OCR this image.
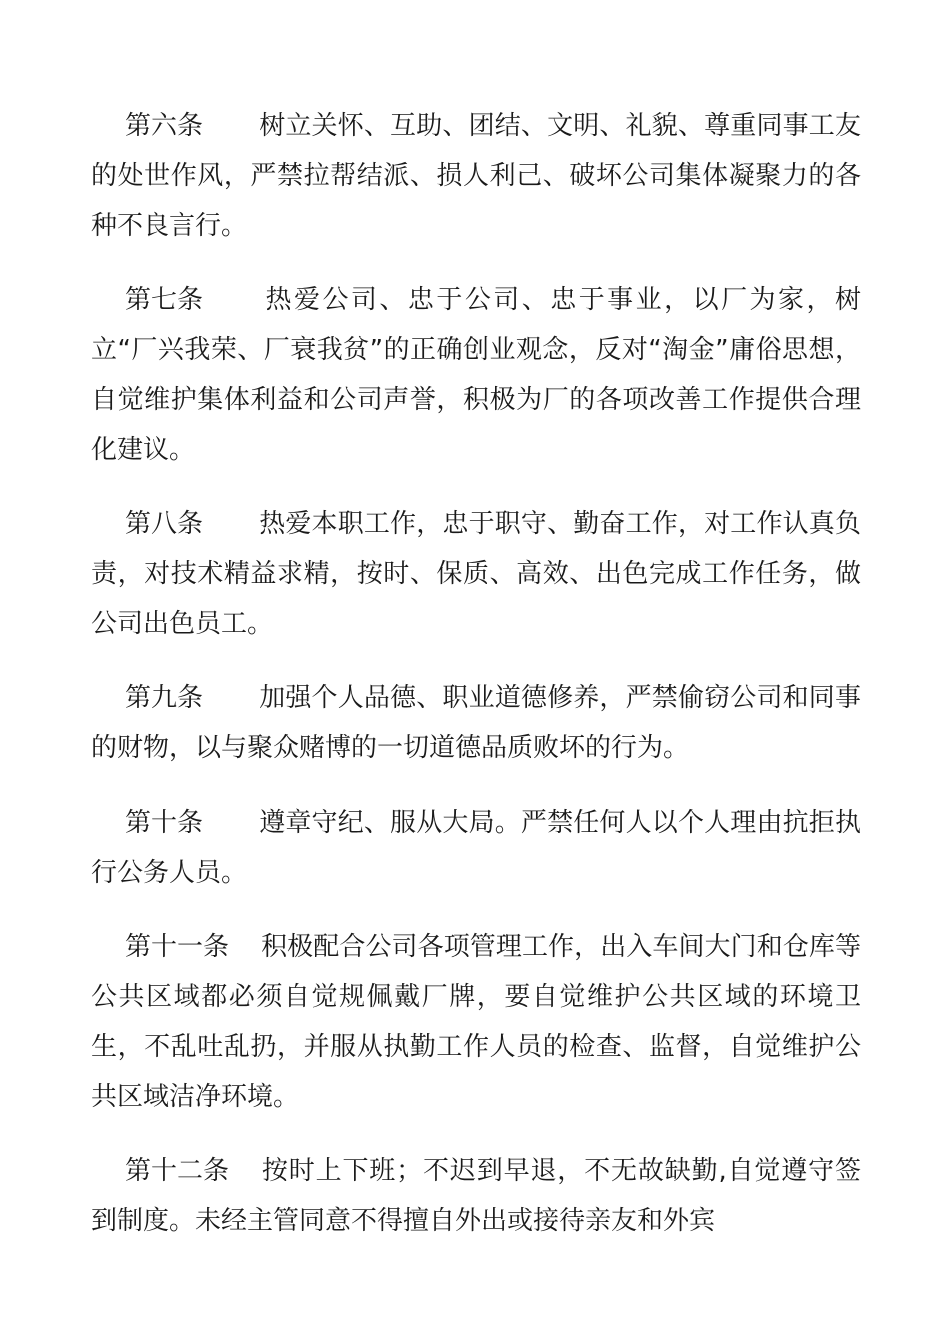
第六条 树立关怀、互助、团结、文明、礼貌、尊重同事工友的处世作风，严禁拉帮结派、损人利己、破坏公司集体凝聚力的各种不良言行。

第七条 热爱公司、忠于公司、忠于事业，以厂为家，树立“厂兴我荣、厂衰我贫”的正确创业观念，反对“淘金”庸俗思想，自觉维护集体利益和公司声誉，积极为厂的各项改善工作提供合理化建议。

第八条 热爱本职工作，忠于职守、勤奋工作，对工作认真负责，对技术精益求精，按时、保质、高效、出色完成工作任务，做公司出色员工。

第九条 加强个人品德、职业道德修养，严禁偷窃公司和同事的财物，以与聚众赌博的一切道德品质败坏的行为。

第十条 遵章守纪、服从大局。严禁任何人以个人理由抗拒执行公务人员。

第十一条 积极配合公司各项管理工作，出入车间大门和仓库等公共区域都必须自觉规佩戴厂牌，要自觉维护公共区域的环境卫生，不乱吐乱扔，并服从执勤工作人员的检查、监督，自觉维护公共区域洁净环境。

第十二条 按时上下班；不迟到早退，不无故缺勤,自觉遵守签到制度。未经主管同意不得擅自外出或接待亲友和外宾
